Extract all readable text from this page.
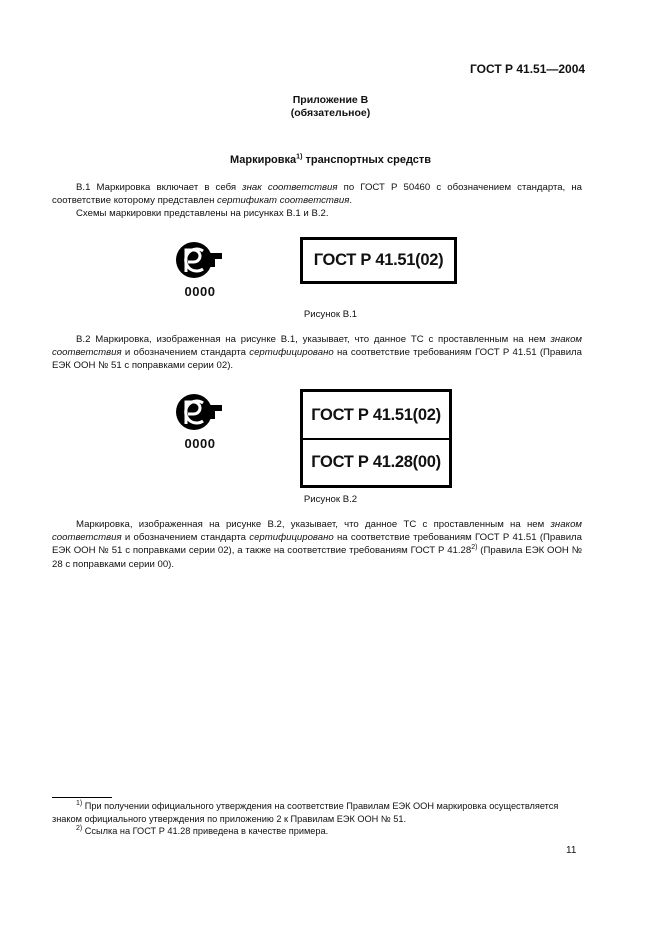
ГОСТ Р 41.51—2004
Приложение В
(обязательное)
Маркировка$^{1)}$ транспортных средств
В.1 Маркировка включает в себя знак соответствия по ГОСТ Р 50460 с обозначением стандарта, на соответствие которому представлен сертификат соответствия.
Схемы маркировки представлены на рисунках В.1 и В.2.
0000
ГОСТ Р 41.51(02)
Рисунок В.1
В.2 Маркировка, изображенная на рисунке В.1, указывает, что данное ТС с проставленным на нем знаком соответствия и обозначением стандарта сертифицировано на соответствие требованиям ГОСТ Р 41.51 (Правила ЕЭК ООН № 51 с поправками серии 02).
0000
ГОСТ Р 41.51(02)
ГОСТ Р 41.28(00)
Рисунок В.2
Маркировка, изображенная на рисунке В.2, указывает, что данное ТС с проставленным на нем знаком соответствия и обозначением стандарта сертифицировано на соответствие требованиям ГОСТ Р 41.51 (Правила ЕЭК ООН № 51 с поправками серии 02), а также на соответствие требованиям ГОСТ Р 41.28$^{2)}$ (Правила ЕЭК ООН № 28 с поправками серии 00).
$^{1)}$ При получении официального утверждения на соответствие Правилам ЕЭК ООН маркировка осуществляется знаком официального утверждения по приложению 2 к Правилам ЕЭК ООН № 51.
$^{2)}$ Ссылка на ГОСТ Р 41.28 приведена в качестве примера.
11
